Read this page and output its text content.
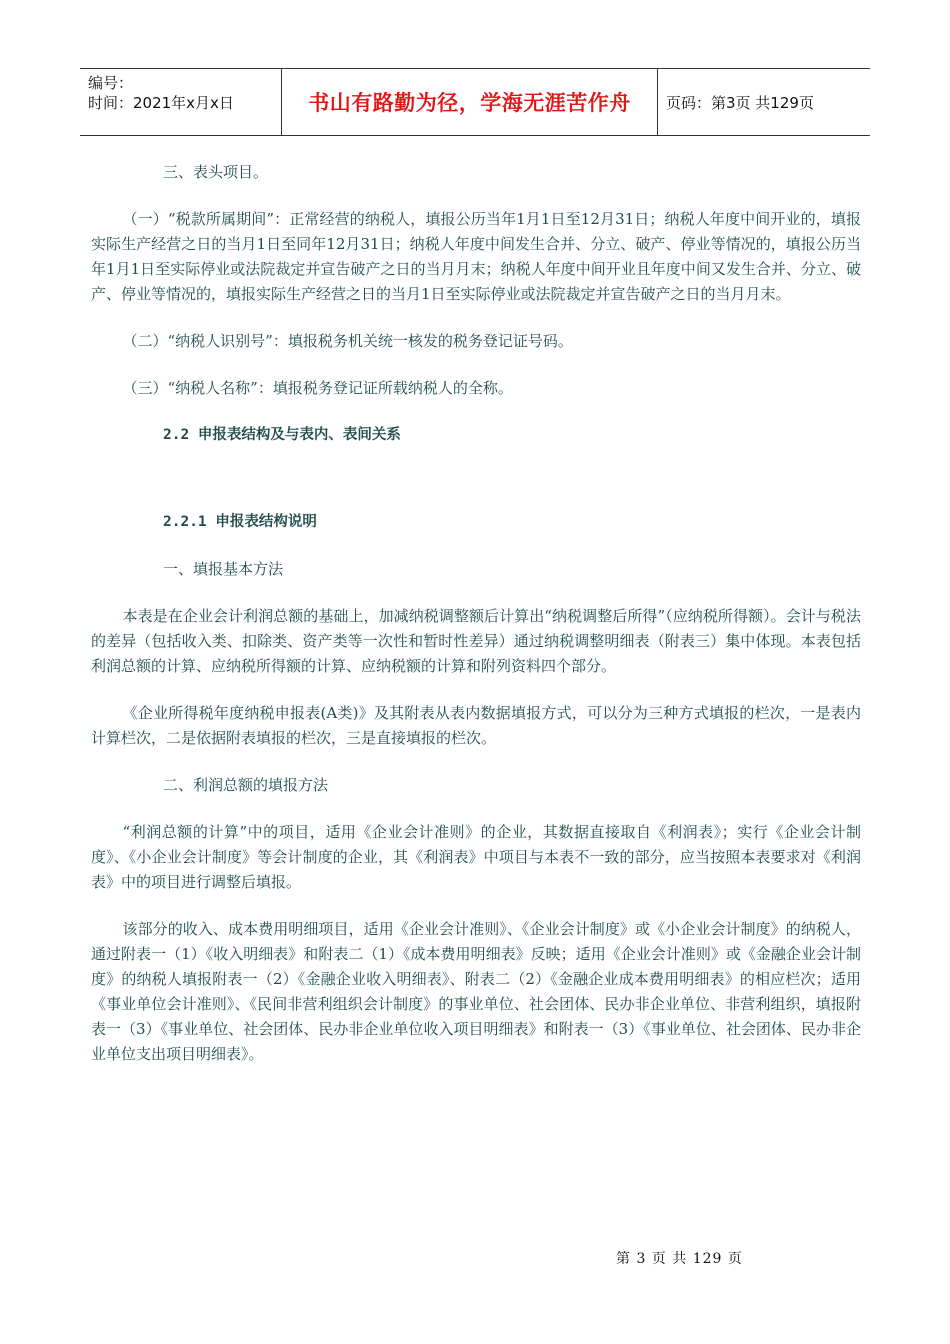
编号：
时间：2021年x月x日	书山有路勤为径，学海无涯苦作舟	页码：第3页 共129页

三、表头项目。

（一）“税款所属期间”：正常经营的纳税人，填报公历当年1月1日至12月31日；纳税人年度中间开业的，填报实际生产经营之日的当月1日至同年12月31日；纳税人年度中间发生合并、分立、破产、停业等情况的，填报公历当年1月1日至实际停业或法院裁定并宣告破产之日的当月月末；纳税人年度中间开业且年度中间又发生合并、分立、破产、停业等情况的，填报实际生产经营之日的当月1日至实际停业或法院裁定并宣告破产之日的当月月末。

（二）“纳税人识别号”：填报税务机关统一核发的税务登记证号码。

（三）“纳税人名称”：填报税务登记证所载纳税人的全称。

2.2 申报表结构及与表内、表间关系

2.2.1 申报表结构说明

一、填报基本方法

本表是在企业会计利润总额的基础上，加减纳税调整额后计算出“纳税调整后所得”（应纳税所得额）。会计与税法的差异（包括收入类、扣除类、资产类等一次性和暂时性差异）通过纳税调整明细表（附表三）集中体现。本表包括利润总额的计算、应纳税所得额的计算、应纳税额的计算和附列资料四个部分。

《企业所得税年度纳税申报表(A类)》及其附表从表内数据填报方式，可以分为三种方式填报的栏次，一是表内计算栏次，二是依据附表填报的栏次，三是直接填报的栏次。

二、利润总额的填报方法

“利润总额的计算”中的项目，适用《企业会计准则》的企业，其数据直接取自《利润表》；实行《企业会计制度》、《小企业会计制度》等会计制度的企业，其《利润表》中项目与本表不一致的部分，应当按照本表要求对《利润表》中的项目进行调整后填报。

该部分的收入、成本费用明细项目，适用《企业会计准则》、《企业会计制度》或《小企业会计制度》的纳税人，通过附表一（1）《收入明细表》和附表二（1）《成本费用明细表》反映；适用《企业会计准则》或《金融企业会计制度》的纳税人填报附表一（2）《金融企业收入明细表》、附表二（2）《金融企业成本费用明细表》的相应栏次；适用《事业单位会计准则》、《民间非营利组织会计制度》的事业单位、社会团体、民办非企业单位、非营利组织，填报附表一（3）《事业单位、社会团体、民办非企业单位收入项目明细表》和附表一（3）《事业单位、社会团体、民办非企业单位支出项目明细表》。

第 3 页 共 129 页
